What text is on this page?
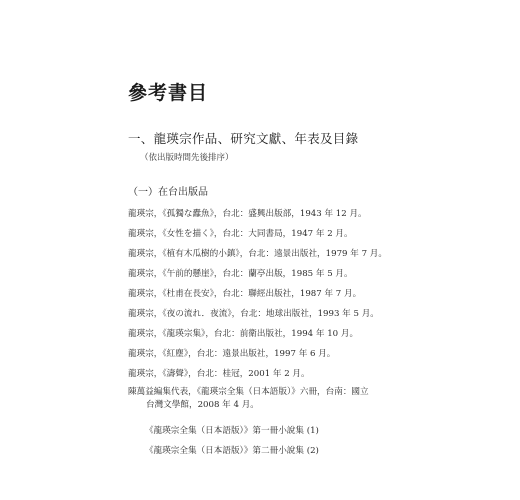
參考書目
一、龍瑛宗作品、研究文獻、年表及目錄
（依出版時間先後排序）
（一）在台出版品
龍瑛宗，《孤獨な蠹魚》，台北：盛興出版部，1943 年 12 月。
龍瑛宗，《女性を描く》，台北：大同書局，1947 年 2 月。
龍瑛宗，《植有木瓜樹的小鎮》，台北：遠景出版社，1979 年 7 月。
龍瑛宗，《午前的懸崖》，台北：蘭亭出版，1985 年 5 月。
龍瑛宗，《杜甫在長安》，台北：聯經出版社，1987 年 7 月。
龍瑛宗，《夜の流れ．夜流》，台北：地球出版社，1993 年 5 月。
龍瑛宗，《龍瑛宗集》，台北：前衛出版社，1994 年 10 月。
龍瑛宗，《紅塵》，台北：遠景出版社，1997 年 6 月。
龍瑛宗，《濤聲》，台北：桂冠，2001 年 2 月。
陳萬益編集代表，《龍瑛宗全集（日本語版）》六冊，台南：國立
台灣文學館，2008 年 4 月。
《龍瑛宗全集（日本語版）》第一冊小說集 (1)
《龍瑛宗全集（日本語版）》第二冊小說集 (2)
